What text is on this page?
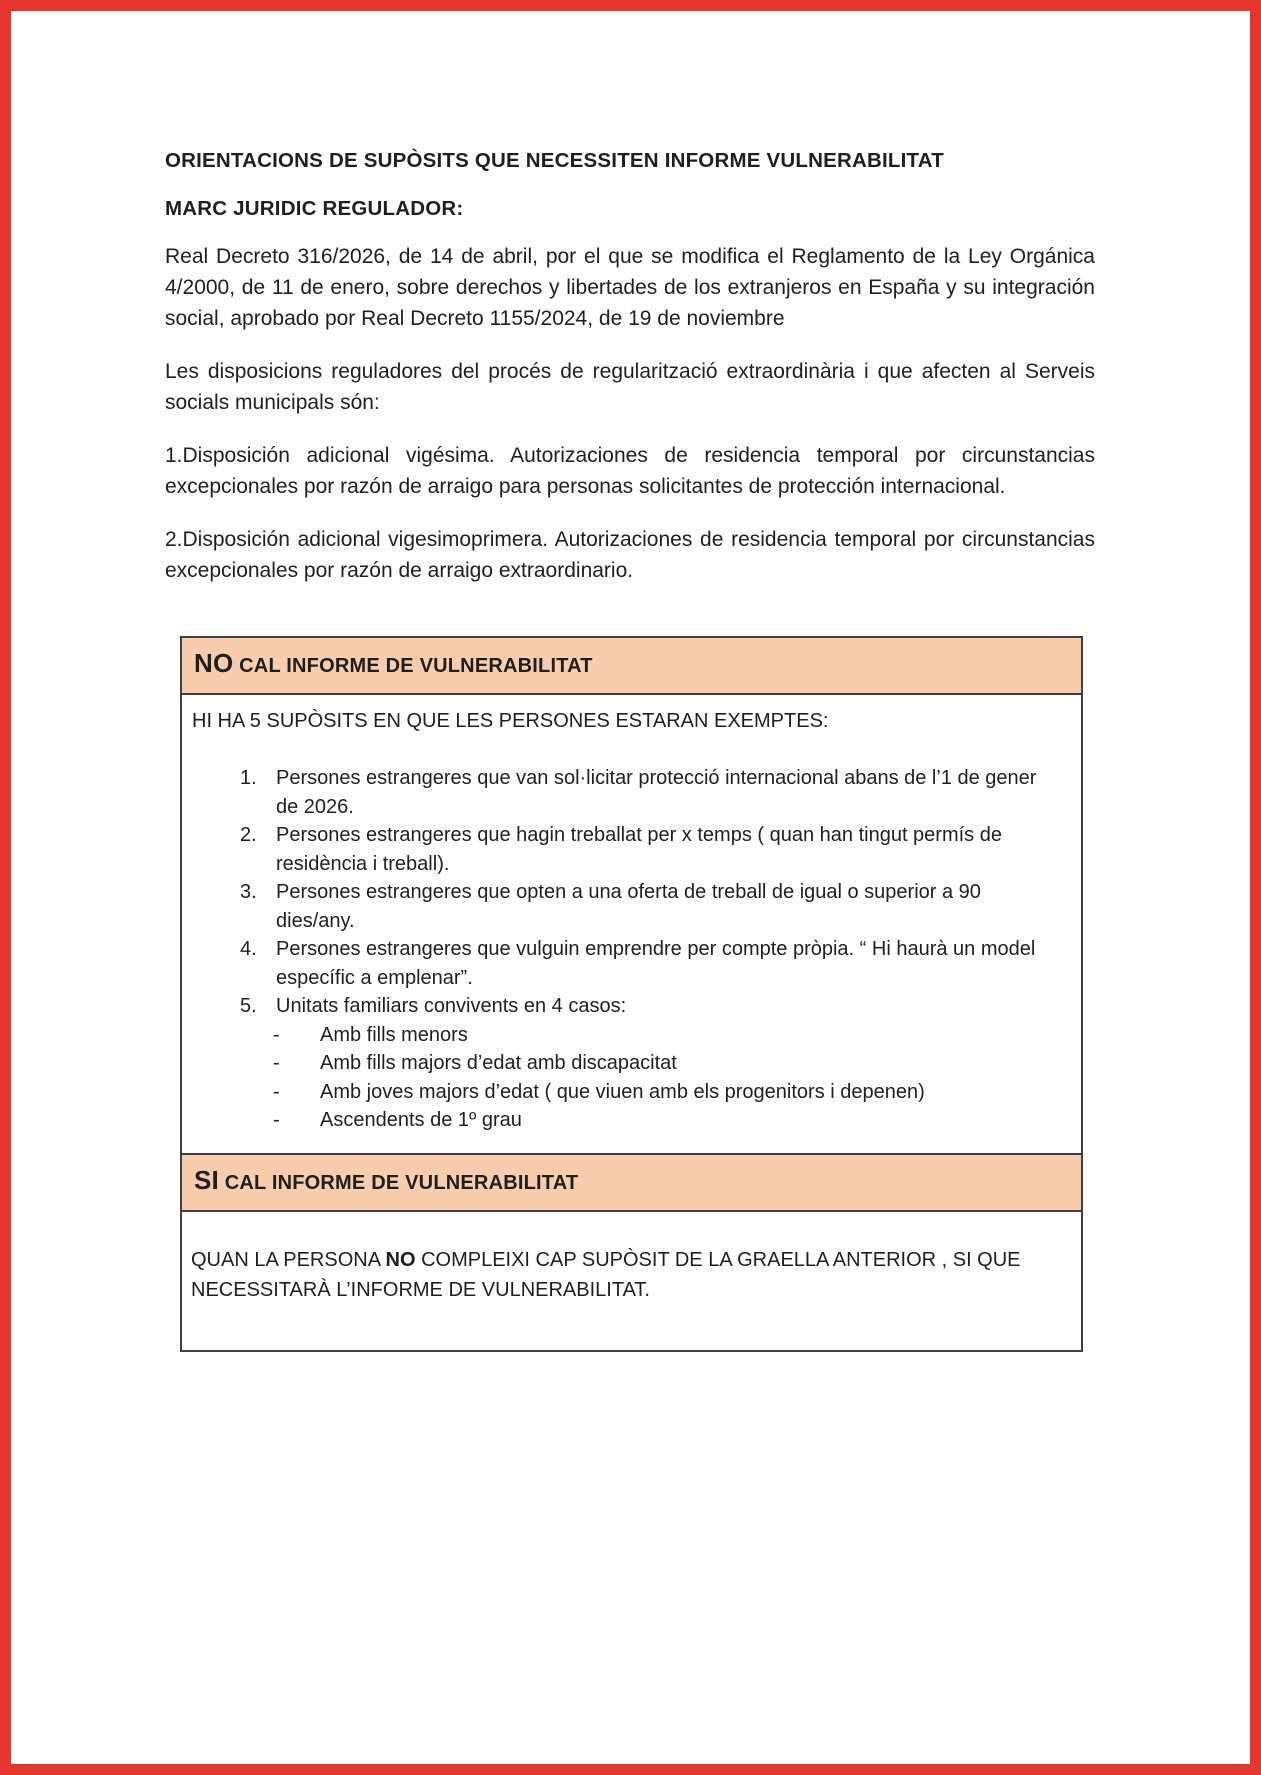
ORIENTACIONS DE SUPÒSITS QUE NECESSITEN INFORME VULNERABILITAT
MARC JURIDIC REGULADOR:

Real Decreto 316/2026, de 14 de abril, por el que se modifica el Reglamento de la Ley Orgánica 4/2000, de 11 de enero, sobre derechos y libertades de los extranjeros en España y su integración social, aprobado por Real Decreto 1155/2024, de 19 de noviembre

Les disposicions reguladores del procés de regularització extraordinària i que afecten al Serveis socials municipals són:

1.Disposición adicional vigésima. Autorizaciones de residencia temporal por circunstancias excepcionales por razón de arraigo para personas solicitantes de protección internacional.

2.Disposición adicional vigesimoprimera. Autorizaciones de residencia temporal por circunstancias excepcionales por razón de arraigo extraordinario.

NO CAL INFORME DE VULNERABILITAT

HI HA 5 SUPÒSITS EN QUE LES PERSONES ESTARAN EXEMPTES:

1. Persones estrangeres que van sol·licitar protecció internacional abans de l’1 de gener de 2026.
2. Persones estrangeres que hagin treballat per x temps ( quan han tingut permís de residència i treball).
3. Persones estrangeres que opten a una oferta de treball de igual o superior a 90 dies/any.
4. Persones estrangeres que vulguin emprendre per compte pròpia. “ Hi haurà un model específic a emplenar”.
5. Unitats familiars convivents en 4 casos:
-	Amb fills menors
-	Amb fills majors d’edat amb discapacitat
-	Amb joves majors d’edat ( que viuen amb els progenitors i depenen)
-	Ascendents de 1º grau
SI CAL INFORME DE VULNERABILITAT
QUAN LA PERSONA NO COMPLEIXI CAP SUPÒSIT DE LA GRAELLA ANTERIOR , SI QUE NECESSITARÀ L’INFORME DE VULNERABILITAT.
